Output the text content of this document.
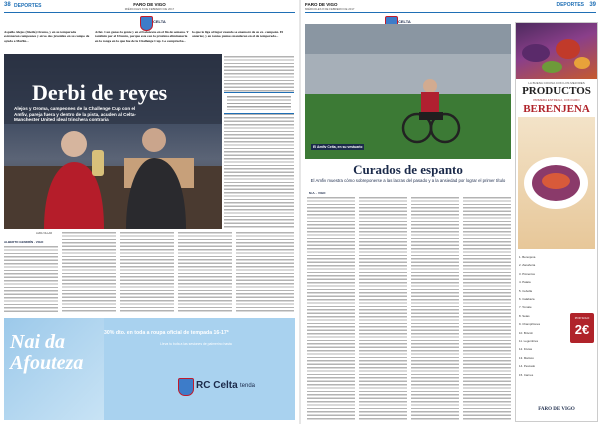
38 DEPORTES	FARO DE VIGO
MIÉRCOLES 8 DE FEBRERO DE 2017
CELTA
Aspallo Alejos (Sheila) Oroma, y en su temporada estrenaron campeones y otros dos juveniles en su campo de ayuda a Merlin...
Arlet. Con ganas la gente y en el balonceto en el fin de semana. Y también por el Ubuntu, porque este con la próxima eliminatoria en la ronga en la que fue de la Challenge Cup. Lo comprueba...
lo que le liga al lugar cuando se enamoró de su ex- campeón. El anterior, y en tantos puntos mandaron en el de temporada...
Derbi de reyes
Alejos y Oroma, campeones de la Challenge Cup con el Amfiv, pareja fuera y dentro de la pista, acuden al Celta-Manchester United ideal trinchera contraria
ALBA VILLAR
ALBERTO GENDRÍN · VIGO
Nai da Afouteza
30% dto. en toda a roupa oficial de tempada 16-17*
Lleva tu bufa a las sesiones de palmerino hasta
RC Celta tenda
FARO DE VIGO
MIÉRCOLES 8 DE FEBRERO DE 2017
DEPORTES 39
CELTA
El Amfiv Celta, en su vestuario
Curados de espanto
El Amfiv muestra cómo sobreponerse a las lacras del pasado y a la ansiedad por lograr el primer título
M.A. · VIGO
LA BUENA COCINA CON LOS MEJORES
PRODUCTOS
PRIMERA ENTREGA, CON FARO
BERENJENA
1. Berenjena
2. Zanahoria
3. Pimientos
4. Patata
5. Cebolla
6. Calabaza
7. Tomate
8. Setas
9. Champiñones
10. Brócoli
11. Legumbres
12. Frutas
13. Marisco
14. Pescado
15. Carnes
POR SOLO
2€
FARO DE VIGO
